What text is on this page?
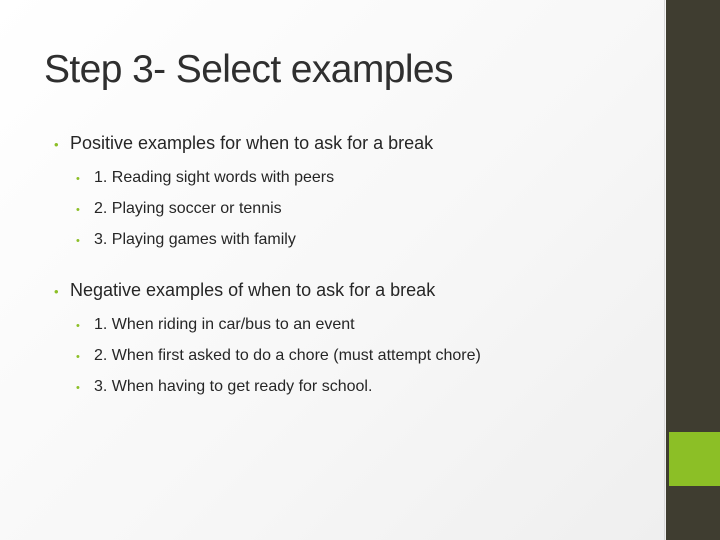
Step 3- Select examples
• Positive examples for when to ask for a break
• 1. Reading sight words with peers
• 2. Playing soccer or tennis
• 3. Playing games with family
• Negative examples of when to ask for a break
• 1. When riding in car/bus to an event
• 2. When first asked to do a chore (must attempt chore)
• 3. When having to get ready for school.
